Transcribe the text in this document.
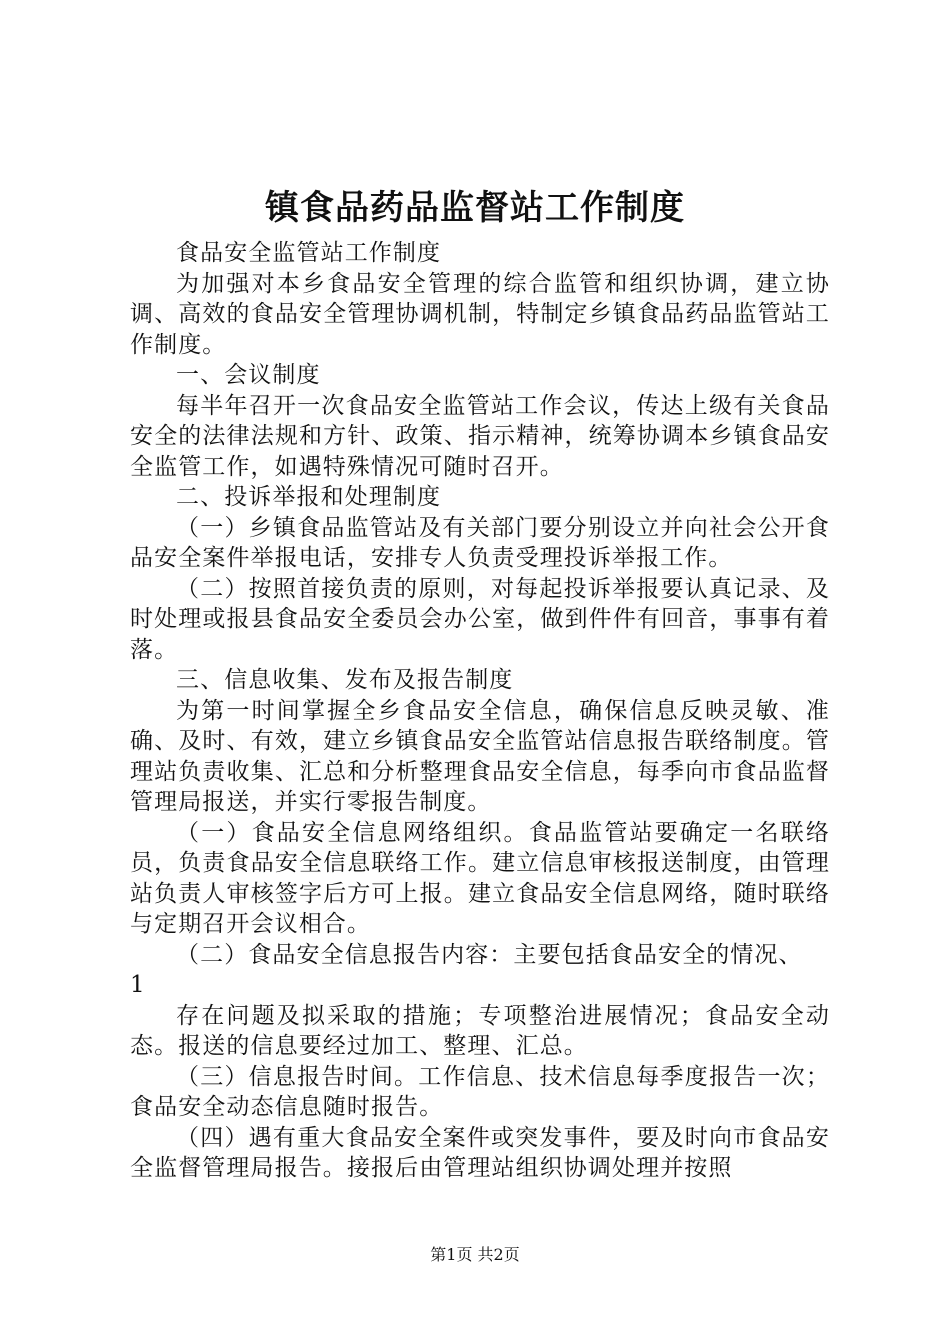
镇食品药品监督站工作制度

食品安全监管站工作制度

为加强对本乡食品安全管理的综合监管和组织协调，建立协调、高效的食品安全管理协调机制，特制定乡镇食品药品监管站工作制度。

一、会议制度

每半年召开一次食品安全监管站工作会议，传达上级有关食品安全的法律法规和方针、政策、指示精神，统筹协调本乡镇食品安全监管工作，如遇特殊情况可随时召开。

二、投诉举报和处理制度

（一）乡镇食品监管站及有关部门要分别设立并向社会公开食品安全案件举报电话，安排专人负责受理投诉举报工作。

（二）按照首接负责的原则，对每起投诉举报要认真记录、及时处理或报县食品安全委员会办公室，做到件件有回音，事事有着落。

三、信息收集、发布及报告制度

为第一时间掌握全乡食品安全信息，确保信息反映灵敏、准确、及时、有效，建立乡镇食品安全监管站信息报告联络制度。管理站负责收集、汇总和分析整理食品安全信息，每季向市食品监督管理局报送，并实行零报告制度。

（一）食品安全信息网络组织。食品监管站要确定一名联络员，负责食品安全信息联络工作。建立信息审核报送制度，由管理站负责人审核签字后方可上报。建立食品安全信息网络，随时联络与定期召开会议相合。

（二）食品安全信息报告内容：主要包括食品安全的情况、

1

存在问题及拟采取的措施；专项整治进展情况；食品安全动态。报送的信息要经过加工、整理、汇总。

（三）信息报告时间。工作信息、技术信息每季度报告一次；食品安全动态信息随时报告。

（四）遇有重大食品安全案件或突发事件，要及时向市食品安全监督管理局报告。接报后由管理站组织协调处理并按照

第1页 共2页
